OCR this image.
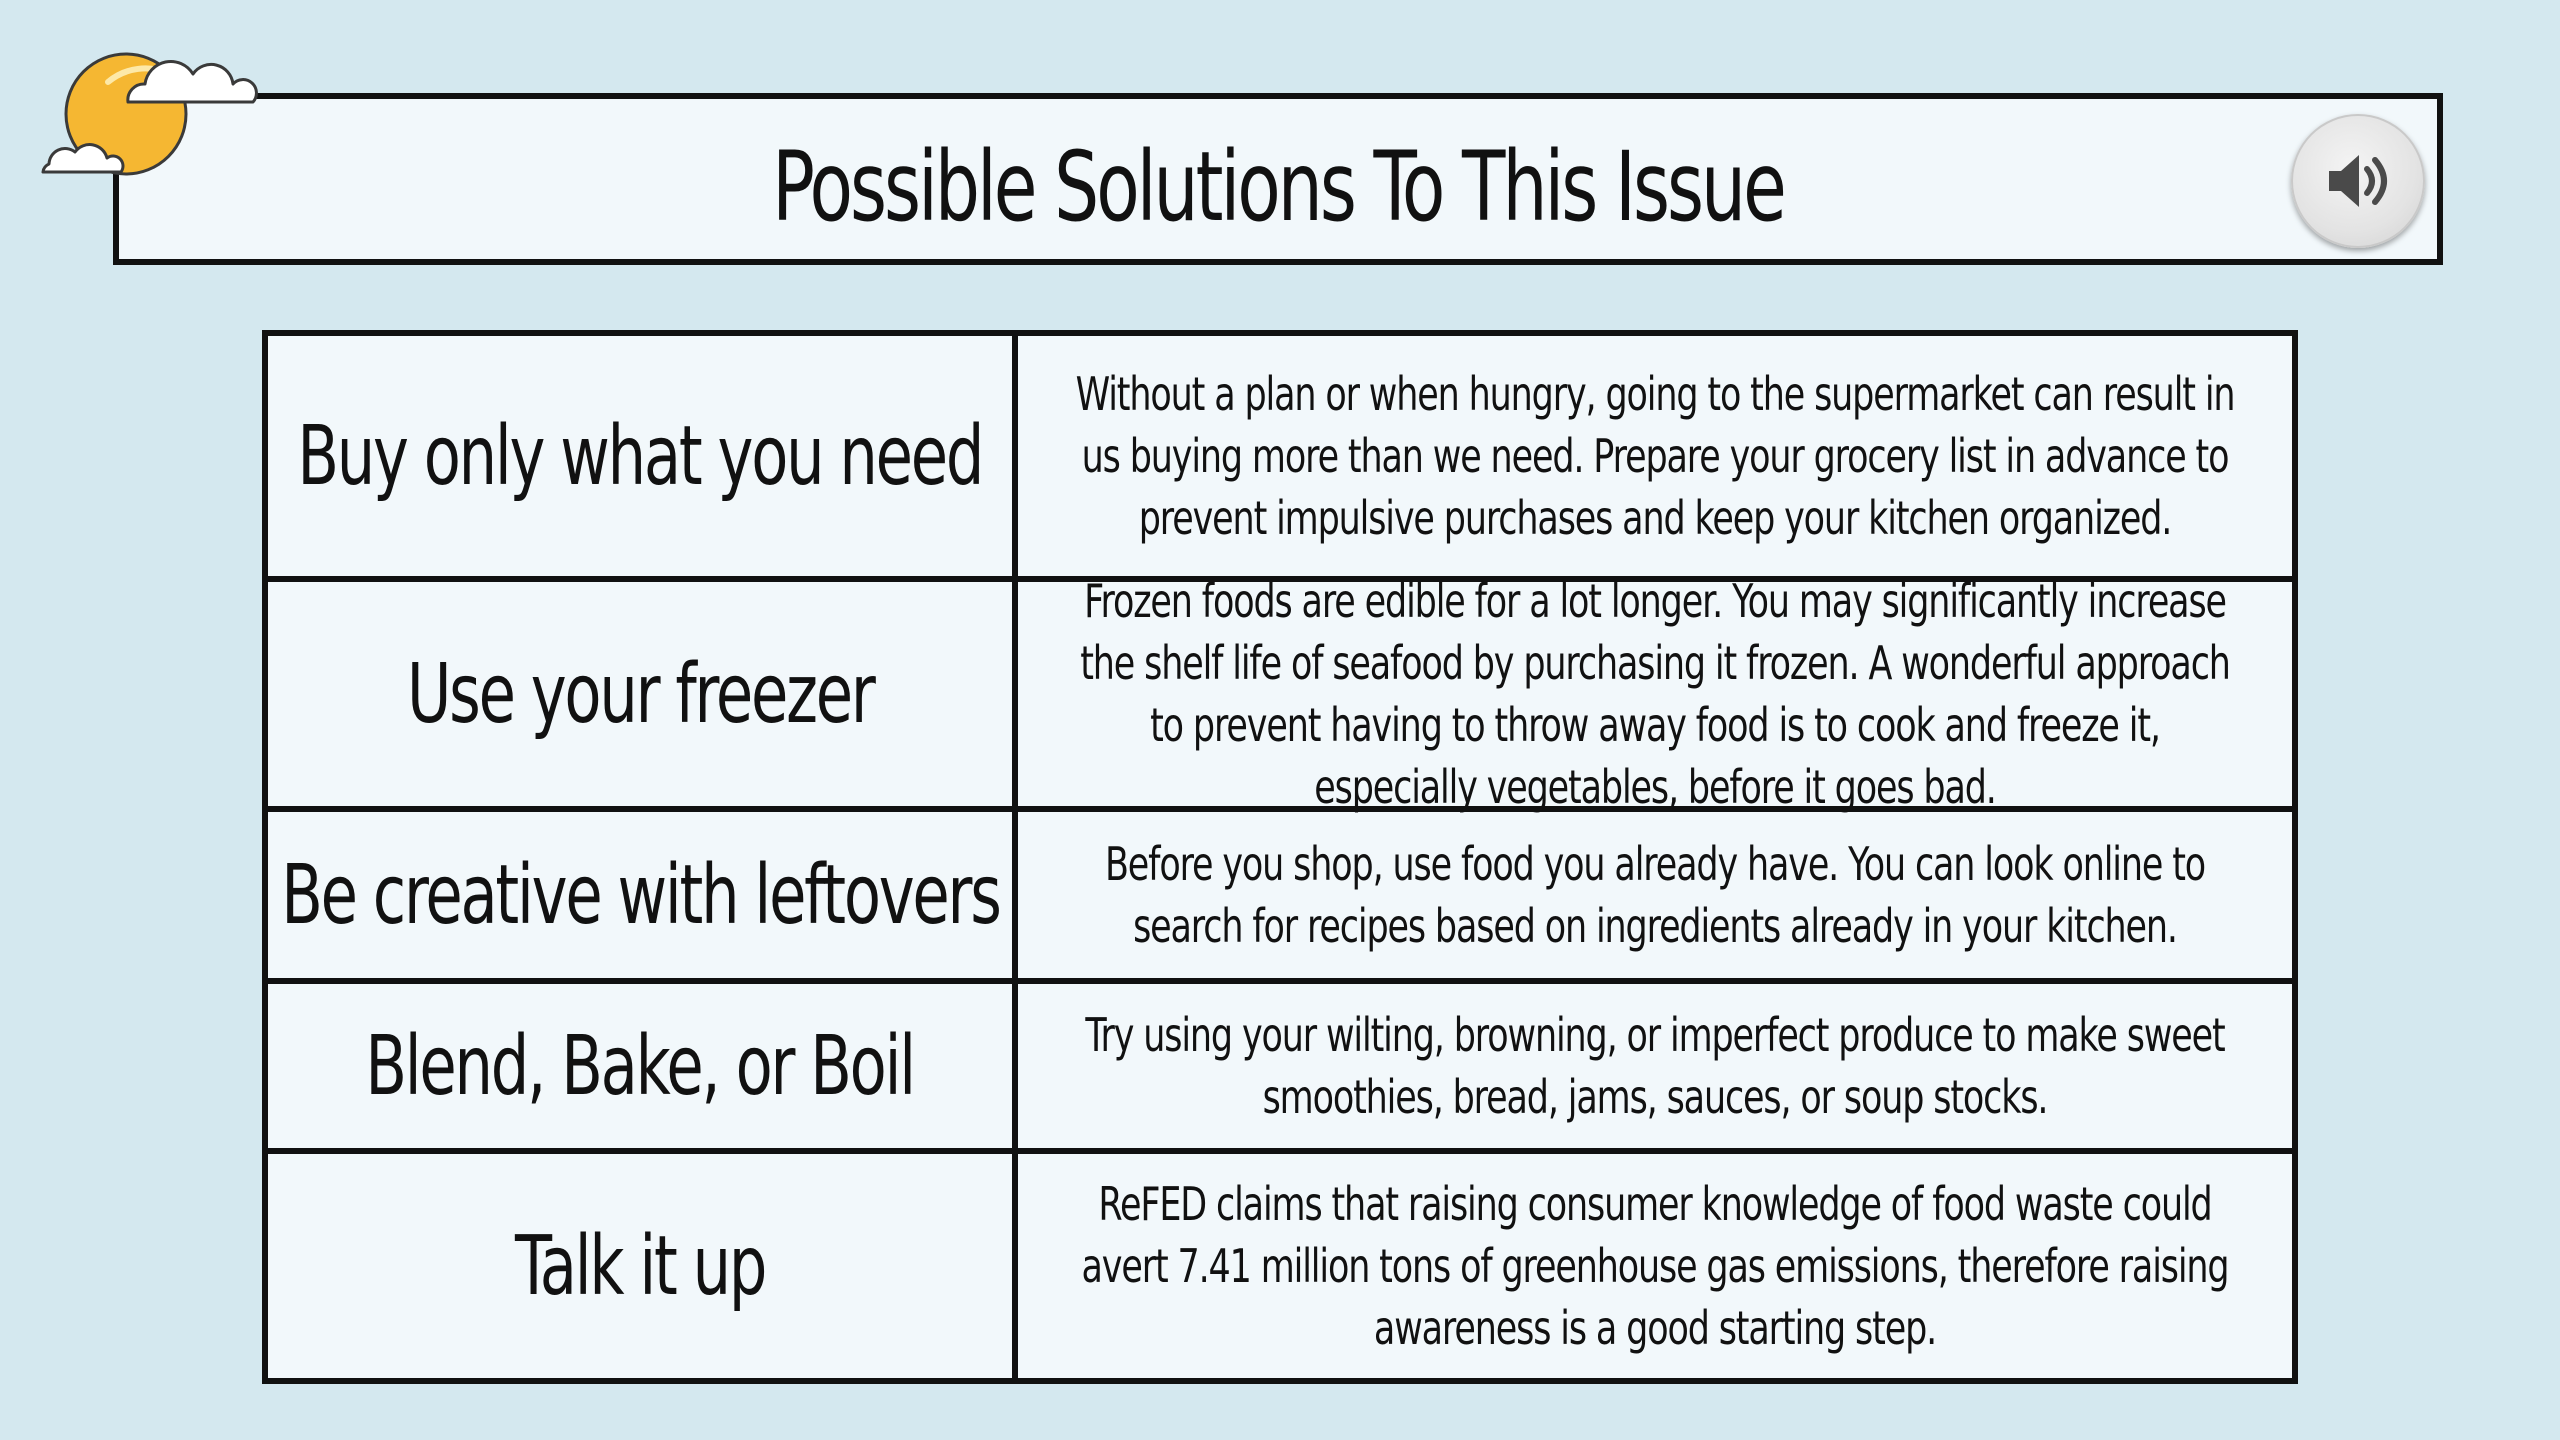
Possible Solutions To This Issue
Buy only what you need
Without a plan or when hungry, going to the supermarket can result in us buying more than we need. Prepare your grocery list in advance to prevent impulsive purchases and keep your kitchen organized.
Use your freezer
Frozen foods are edible for a lot longer. You may significantly increase the shelf life of seafood by purchasing it frozen. A wonderful approach to prevent having to throw away food is to cook and freeze it, especially vegetables, before it goes bad.
Be creative with leftovers	Before you shop, use food you already have. You can look online to search for recipes based on ingredients already in your kitchen.
Blend, Bake, or Boil	Try using your wilting, browning, or imperfect produce to make sweet smoothies, bread, jams, sauces, or soup stocks.
Talk it up
ReFED claims that raising consumer knowledge of food waste could avert 7.41 million tons of greenhouse gas emissions, therefore raising awareness is a good starting step.
